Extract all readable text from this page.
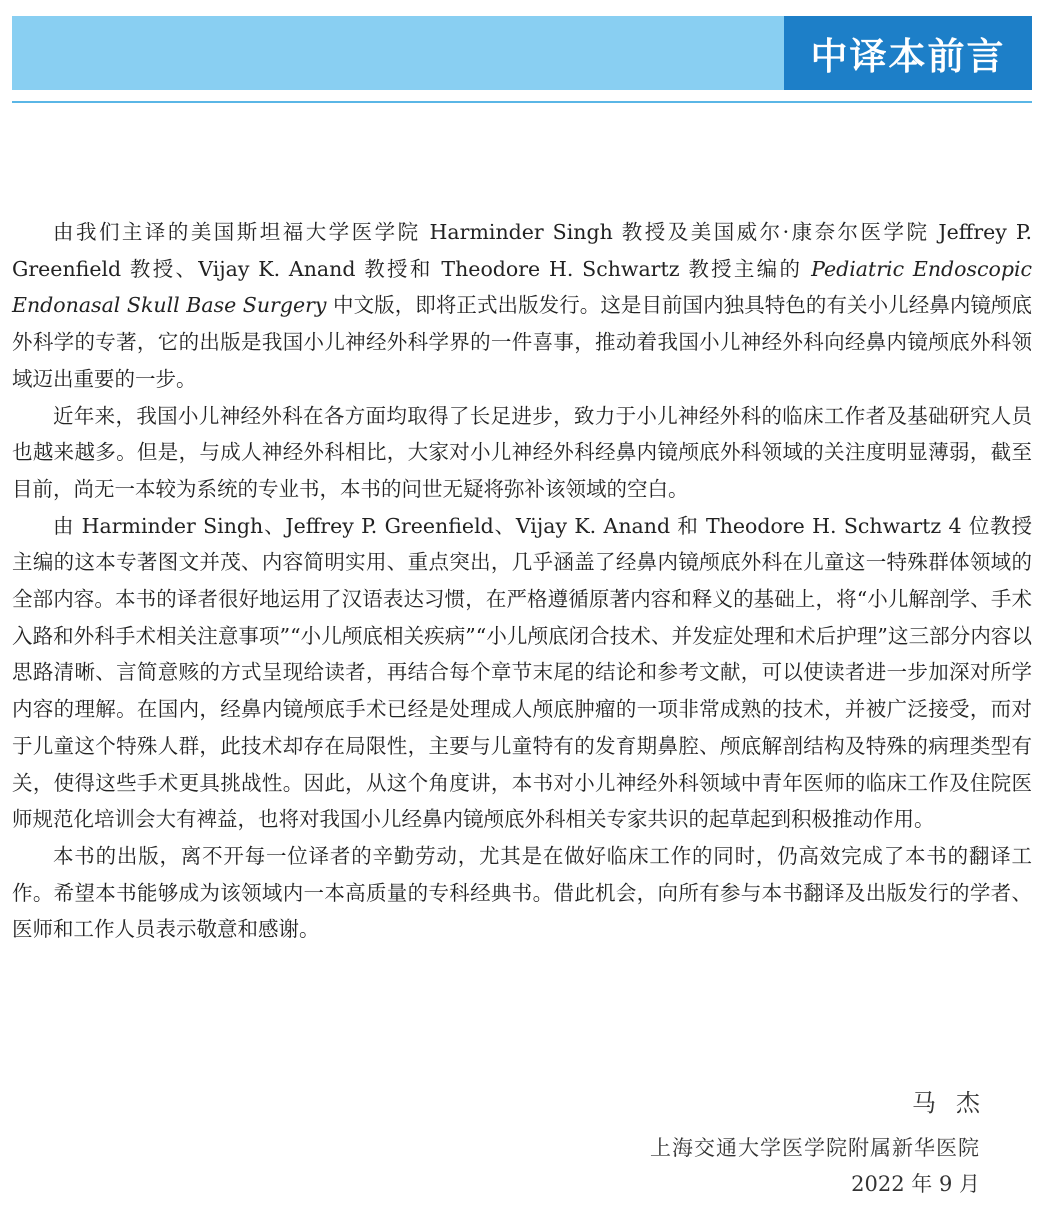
中译本前言

由我们主译的美国斯坦福大学医学院 Harminder Singh 教授及美国威尔·康奈尔医学院 Jeffrey P. Greenfield 教授、Vijay K. Anand 教授和 Theodore H. Schwartz 教授主编的 Pediatric Endoscopic Endonasal Skull Base Surgery 中文版，即将正式出版发行。这是目前国内独具特色的有关小儿经鼻内镜颅底外科学的专著，它的出版是我国小儿神经外科学界的一件喜事，推动着我国小儿神经外科向经鼻内镜颅底外科领域迈出重要的一步。

近年来，我国小儿神经外科在各方面均取得了长足进步，致力于小儿神经外科的临床工作者及基础研究人员也越来越多。但是，与成人神经外科相比，大家对小儿神经外科经鼻内镜颅底外科领域的关注度明显薄弱，截至目前，尚无一本较为系统的专业书，本书的问世无疑将弥补该领域的空白。

由 Harminder Singh、Jeffrey P. Greenfield、Vijay K. Anand 和 Theodore H. Schwartz 4 位教授主编的这本专著图文并茂、内容简明实用、重点突出，几乎涵盖了经鼻内镜颅底外科在儿童这一特殊群体领域的全部内容。本书的译者很好地运用了汉语表达习惯，在严格遵循原著内容和释义的基础上，将“小儿解剖学、手术入路和外科手术相关注意事项”“小儿颅底相关疾病”“小儿颅底闭合技术、并发症处理和术后护理”这三部分内容以思路清晰、言简意赅的方式呈现给读者，再结合每个章节末尾的结论和参考文献，可以使读者进一步加深对所学内容的理解。在国内，经鼻内镜颅底手术已经是处理成人颅底肿瘤的一项非常成熟的技术，并被广泛接受，而对于儿童这个特殊人群，此技术却存在局限性，主要与儿童特有的发育期鼻腔、颅底解剖结构及特殊的病理类型有关，使得这些手术更具挑战性。因此，从这个角度讲，本书对小儿神经外科领域中青年医师的临床工作及住院医师规范化培训会大有裨益，也将对我国小儿经鼻内镜颅底外科相关专家共识的起草起到积极推动作用。

本书的出版，离不开每一位译者的辛勤劳动，尤其是在做好临床工作的同时，仍高效完成了本书的翻译工作。希望本书能够成为该领域内一本高质量的专科经典书。借此机会，向所有参与本书翻译及出版发行的学者、医师和工作人员表示敬意和感谢。

马杰
上海交通大学医学院附属新华医院
2022 年 9 月
